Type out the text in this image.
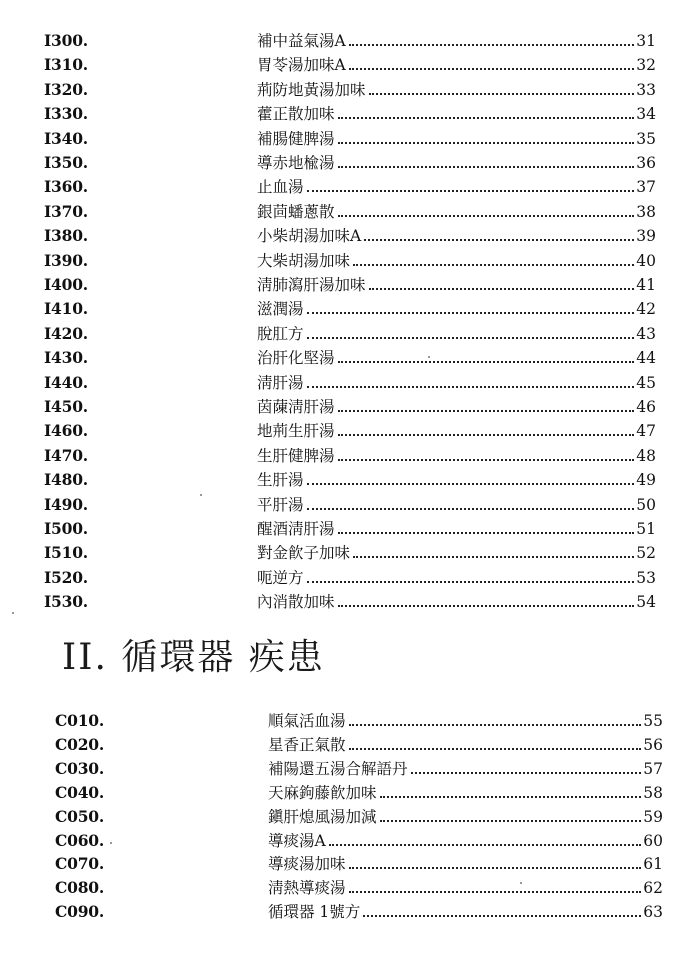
I300.	補中益氣湯A	31
I310.	胃苓湯加味A	32
I320.	荊防地黃湯加味	33
I330.	藿正散加味	34
I340.	補腸健脾湯	35
I350.	導赤地楡湯	36
I360.	止血湯	37
I370.	銀茴蟠蔥散	38
I380.	小柴胡湯加味A	39
I390.	大柴胡湯加味	40
I400.	淸肺瀉肝湯加味	41
I410.	滋潤湯	42
I420.	脫肛方	43
I430.	治肝化堅湯	44
I440.	淸肝湯	45
I450.	茵蔯淸肝湯	46
I460.	地荊生肝湯	47
I470.	生肝健脾湯	48
I480.	生肝湯	49
I490.	平肝湯	50
I500.	醒酒淸肝湯	51
I510.	對金飮子加味	52
I520.	呃逆方	53
I530.	內消散加味	54
II. 循環器 疾患
C010.	順氣活血湯	55
C020.	星香正氣散	56
C030.	補陽還五湯合解語丹	57
C040.	天麻鉤藤飮加味	58
C050.	鎭肝熄風湯加減	59
C060.	導痰湯A	60
C070.	導痰湯加味	61
C080.	淸熱導痰湯	62
C090.	循環器 1號方	63
